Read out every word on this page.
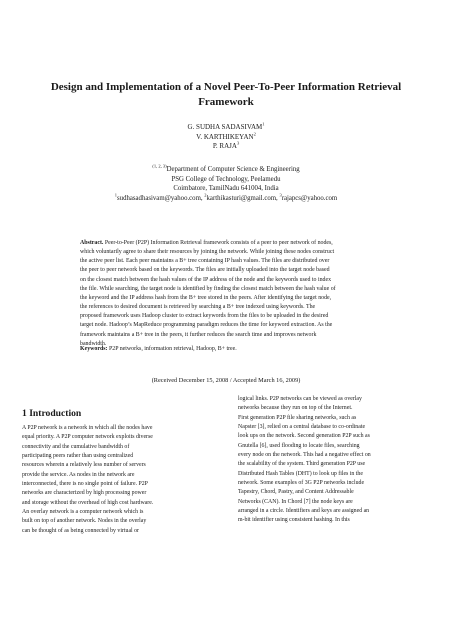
Design and Implementation of a Novel Peer-To-Peer Information Retrieval
Framework
G. SUDHA SADASIVAM$^1$
V. KARTHIKEYAN$^2$
P. RAJA$^3$
$^{(1, 2, 3)}$Department of Computer Science & Engineering
PSG College of Technology, Peelamedu
Coimbatore, TamilNadu 641004, India
$^1$sudhasadhasivam@yahoo.com, $^2$karthikasturi@gmail.com, $^3$rajapcs@yahoo.com
Abstract. Peer-to-Peer (P2P) Information Retrieval framework consists of a peer to peer network of nodes,
which voluntarily agree to share their resources by joining the network. While joining these nodes construct
the active peer list. Each peer maintains a B+ tree containing IP hash values. The files are distributed over
the peer to peer network based on the keywords. The files are initially uploaded into the target node based
on the closest match between the hash values of the IP address of the node and the keywords used to index
the file. While searching, the target node is identified by finding the closest match between the hash value of
the keyword and the IP address hash from the B+ tree stored in the peers. After identifying the target node,
the references to desired document is retrieved by searching a B+ tree indexed using keywords. The
proposed framework uses Hadoop cluster to extract keywords from the files to be uploaded in the desired
target node. Hadoop’s MapReduce programming paradigm reduces the time for keyword extraction. As the
framework maintains a B+ tree in the peers, it further reduces the search time and improves network
bandwidth.
Keywords: P2P networks, information retrieval, Hadoop, B+ tree.
(Received December 15, 2008 / Accepted March 16, 2009)
1 Introduction
A P2P network is a network in which all the nodes have
equal priority. A P2P computer network exploits diverse
connectivity and the cumulative bandwidth of
participating peers rather than using centralized
resources wherein a relatively less number of servers
provide the service. As nodes in the network are
interconnected, there is no single point of failure. P2P
networks are characterized by high processing power
and storage without the overhead of high cost hardware.
An overlay network is a computer network which is
built on top of another network. Nodes in the overlay
can be thought of as being connected by virtual or
logical links. P2P networks can be viewed as overlay
networks because they run on top of the Internet.
First generation P2P file sharing networks, such as
Napster [3], relied on a central database to co-ordinate
look ups on the network. Second generation P2P such as
Gnutella [6], used flooding to locate files, searching
every node on the network. This had a negative effect on
the scalability of the system. Third generation P2P use
Distributed Hash Tables (DHT) to look up files in the
network. Some examples of 3G P2P networks include
Tapestry, Chord, Pastry, and Content Addressable
Networks (CAN). In Chord [7] the node keys are
arranged in a circle. Identifiers and keys are assigned an
m-bit identifier using consistent hashing. In this
